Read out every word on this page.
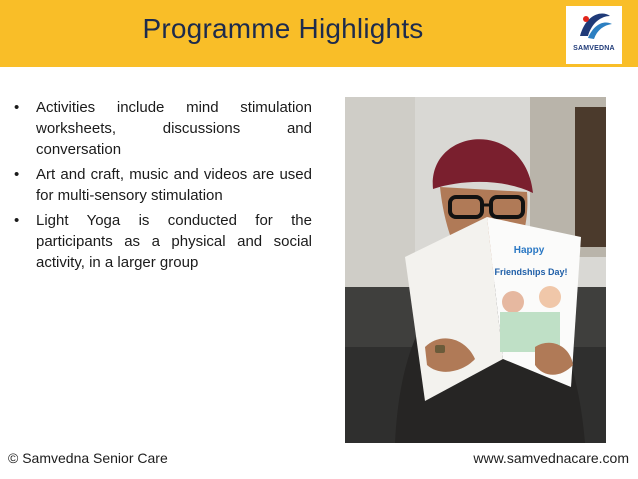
Programme Highlights
SAMVEDNA
• Activities include mind stimulation worksheets, discussions and conversation
• Art and craft, music and videos are used for multi-sensory stimulation
• Light Yoga is conducted for the participants as a physical and social activity, in a larger group
Happy
Friendships Day!
© Samvedna Senior Care	www.samvednacare.com
